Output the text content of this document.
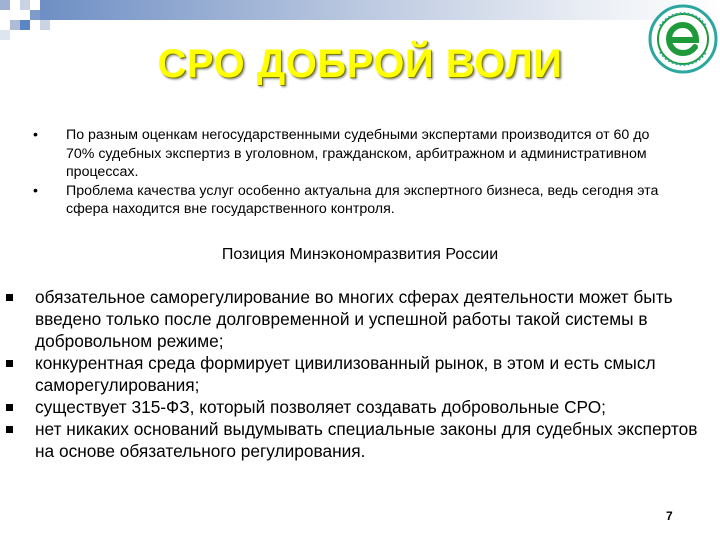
СРО ДОБРОЙ ВОЛИ
• По разным оценкам негосударственными судебными экспертами производится от 60 до 70% судебных экспертиз в уголовном, гражданском, арбитражном и административном процессах.
• Проблема качества услуг особенно актуальна для экспертного бизнеса, ведь сегодня эта сфера находится вне государственного контроля.
Позиция Минэкономразвития России
обязательное саморегулирование во многих сферах деятельности может быть введено только после долговременной и успешной работы такой системы в добровольном режиме;
конкурентная среда формирует цивилизованный рынок, в этом и есть смысл саморегулирования;
существует 315-ФЗ, который позволяет создавать добровольные СРО;
нет никаких оснований выдумывать специальные законы для судебных экспертов на основе обязательного регулирования.
7
